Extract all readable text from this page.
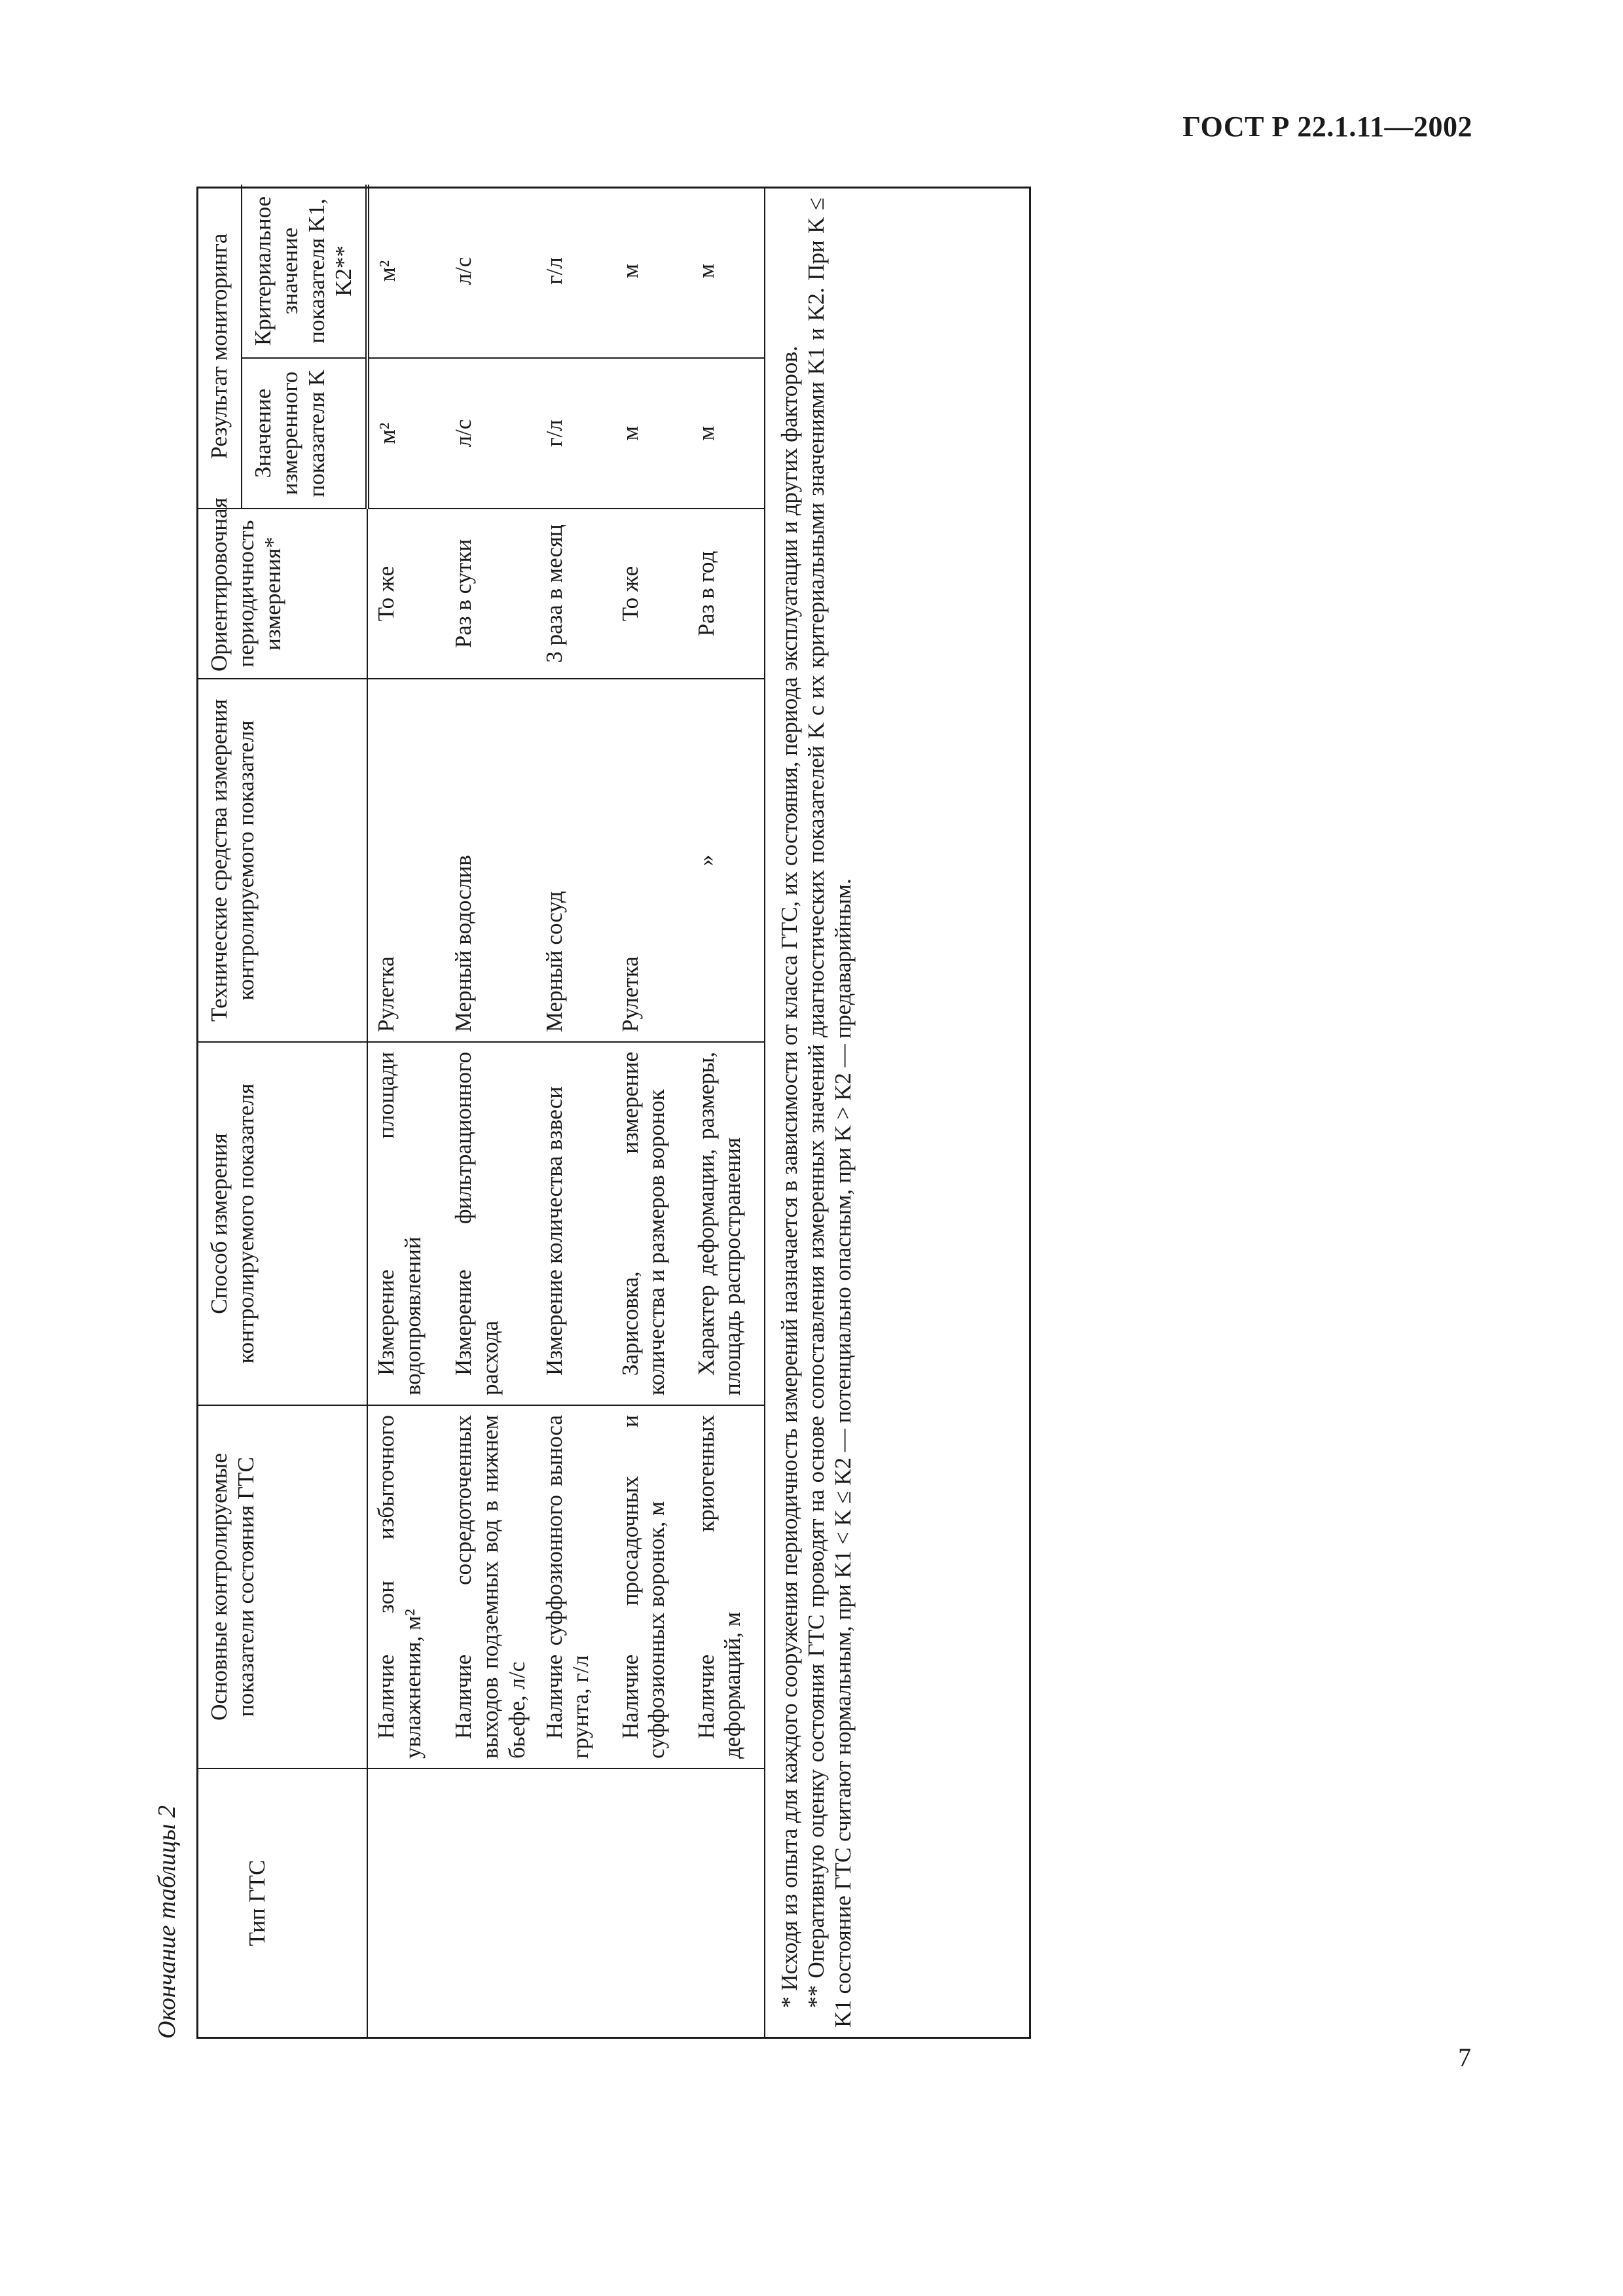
ГОСТ Р 22.1.11—2002
Окончание таблицы 2	Тип ГТС	Основные контролируемые показатели состояния ГТС	Способ измерения контролируемого показателя	Технические средства измерения контролируемого показателя	Ориентировочная периодичность измерения*	Результат мониторинга	
					Значение измеренного показателя K	Критериальное значение показателя K1, K2**
	Наличие зон избыточного увлажнения, м²	Измерение площади водопроявлений	Рулетка	То же	м²	м²
	Наличие сосредоточенных выходов подземных вод в нижнем бьефе, л/с	Измерение фильтрационного расхода	Мерный водослив	Раз в сутки	л/с	л/с
	Наличие суффозионного выноса грунта, г/л	Измерение количества взвеси	Мерный сосуд	3 раза в месяц	г/л	г/л
	Наличие просадочных и суффозионных воронок, м	Зарисовка, измерение количества и размеров воронок	Рулетка	То же	м	м
	Наличие криогенных деформаций, м	Характер деформации, размеры, площадь распространения	»	Раз в год	м	м

* Исходя из опыта для каждого сооружения периодичность измерений назначается в зависимости от класса ГТС, их состояния, периода эксплуатации и других факторов. ** Оперативную оценку состояния ГТС проводят на основе сопоставления измеренных значений диагностических показателей K с их критериальными значениями K1 и K2. При K ≤ K1 состояние ГТС считают нормальным, при K1 < K ≤ K2 — потенциально опасным, при K > K2 — предаварийным.

7
